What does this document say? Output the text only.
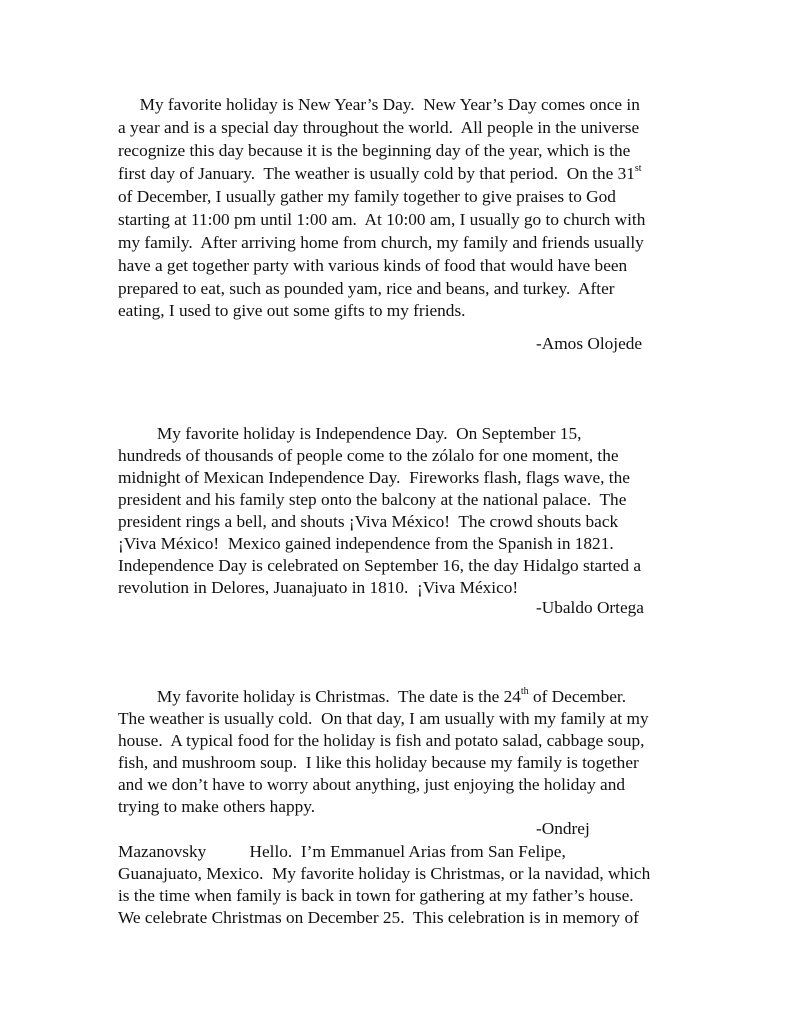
My favorite holiday is New Year’s Day.  New Year’s Day comes once in

a year and is a special day throughout the world.  All people in the universe

recognize this day because it is the beginning day of the year, which is the

first day of January.  The weather is usually cold by that period.  On the 31st

of December, I usually gather my family together to give praises to God

starting at 11:00 pm until 1:00 am.  At 10:00 am, I usually go to church with

my family.  After arriving home from church, my family and friends usually

have a get together party with various kinds of food that would have been

prepared to eat, such as pounded yam, rice and beans, and turkey.  After

eating, I used to give out some gifts to my friends.

-Amos Olojede

My favorite holiday is Independence Day.  On September 15,

hundreds of thousands of people come to the zólalo for one moment, the

midnight of Mexican Independence Day.  Fireworks flash, flags wave, the

president and his family step onto the balcony at the national palace.  The

president rings a bell, and shouts ¡Viva México!  The crowd shouts back

¡Viva México!  Mexico gained independence from the Spanish in 1821.

Independence Day is celebrated on September 16, the day Hidalgo started a

revolution in Delores, Juanajuato in 1810.  ¡Viva México!

-Ubaldo Ortega

My favorite holiday is Christmas.  The date is the 24th of December.

The weather is usually cold.  On that day, I am usually with my family at my

house.  A typical food for the holiday is fish and potato salad, cabbage soup,

fish, and mushroom soup.  I like this holiday because my family is together

and we don’t have to worry about anything, just enjoying the holiday and

trying to make others happy.

-Ondrej

Mazanovsky          Hello.  I’m Emmanuel Arias from San Felipe,

Guanajuato, Mexico.  My favorite holiday is Christmas, or la navidad, which

is the time when family is back in town for gathering at my father’s house.

We celebrate Christmas on December 25.  This celebration is in memory of
